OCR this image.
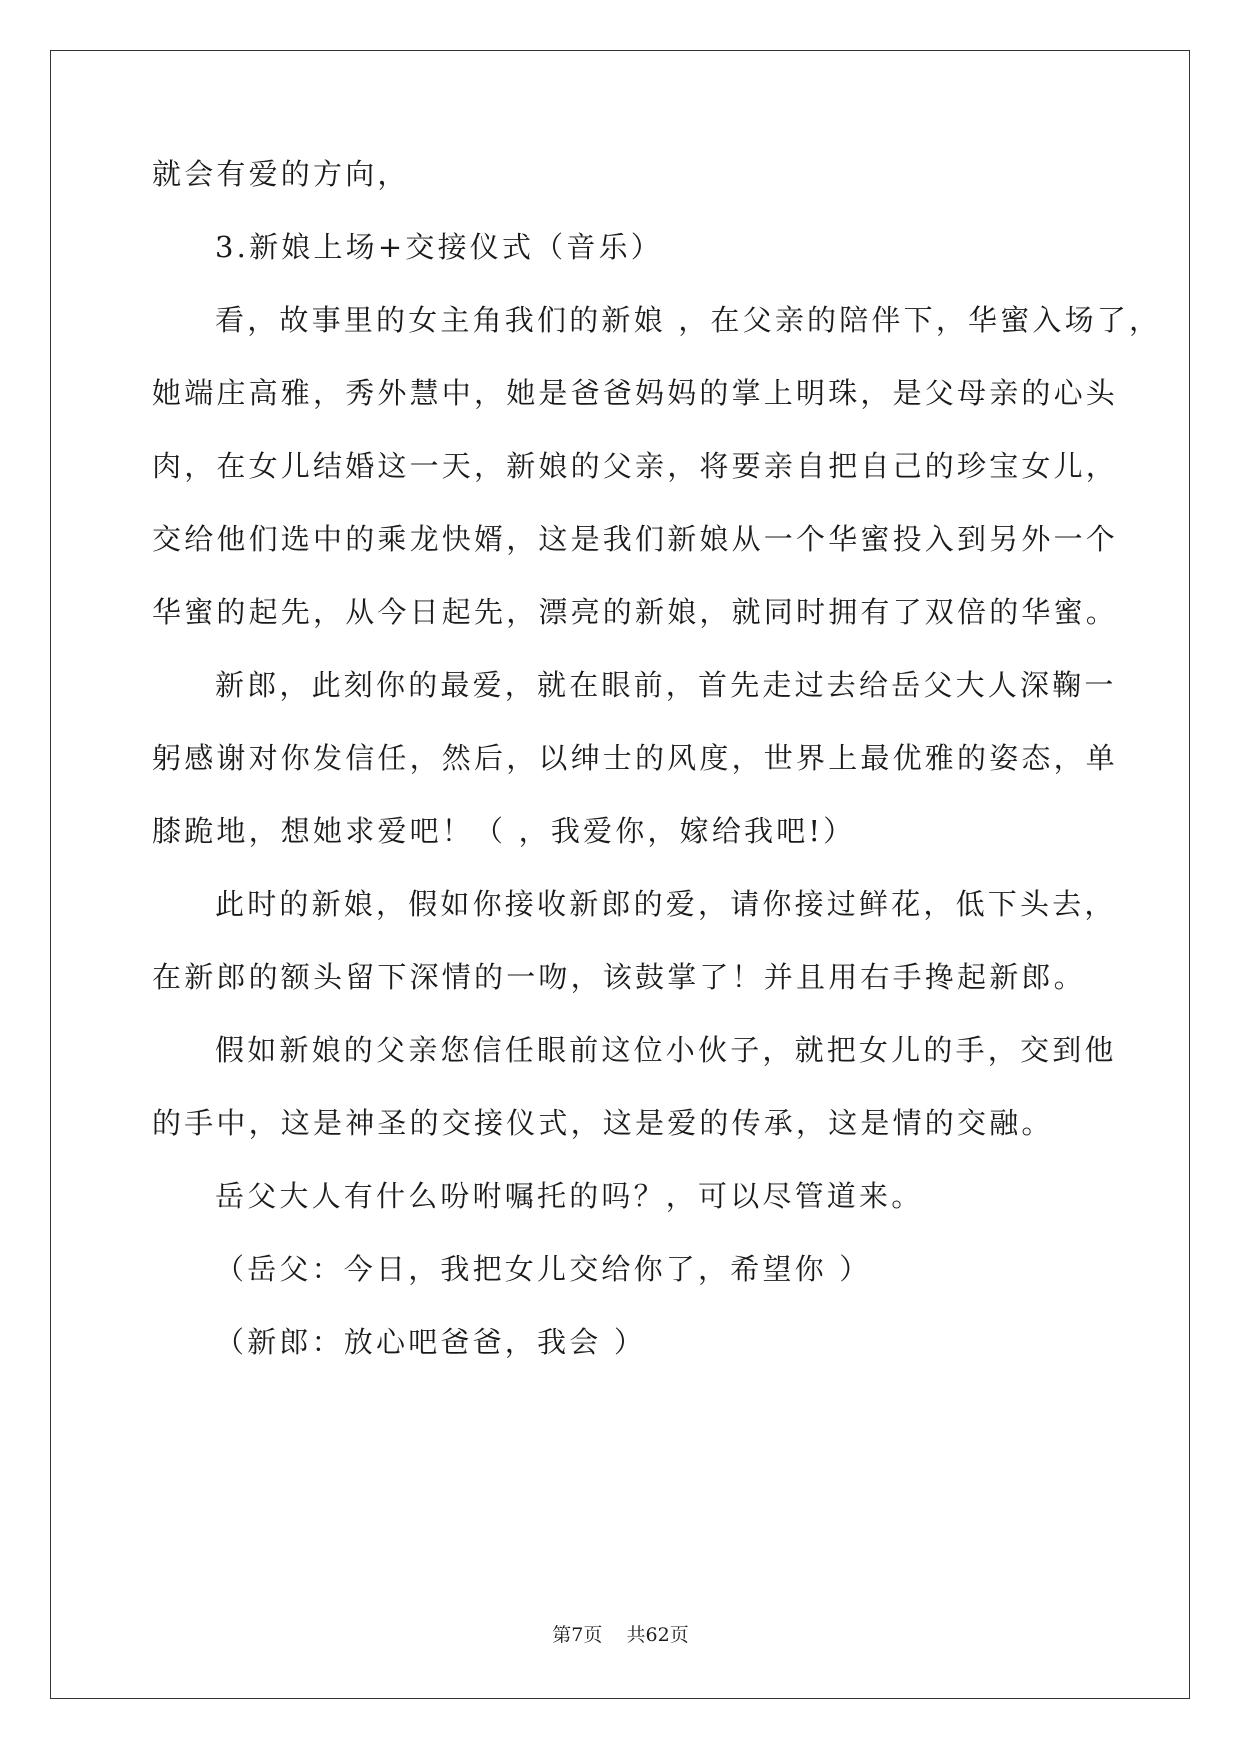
就会有爱的方向，
3.新娘上场+交接仪式（音乐）
看，故事里的女主角我们的新娘 ，在父亲的陪伴下，华蜜入场了，
她端庄高雅，秀外慧中，她是爸爸妈妈的掌上明珠，是父母亲的心头
肉，在女儿结婚这一天，新娘的父亲，将要亲自把自己的珍宝女儿，
交给他们选中的乘龙快婿，这是我们新娘从一个华蜜投入到另外一个
华蜜的起先，从今日起先，漂亮的新娘，就同时拥有了双倍的华蜜。
新郎，此刻你的最爱，就在眼前，首先走过去给岳父大人深鞠一
躬感谢对你发信任，然后，以绅士的风度，世界上最优雅的姿态，单
膝跪地，想她求爱吧！（ ，我爱你，嫁给我吧!）
此时的新娘，假如你接收新郎的爱，请你接过鲜花，低下头去，
在新郎的额头留下深情的一吻，该鼓掌了！并且用右手搀起新郎。
假如新娘的父亲您信任眼前这位小伙子，就把女儿的手，交到他
的手中，这是神圣的交接仪式，这是爱的传承，这是情的交融。
岳父大人有什么吩咐嘱托的吗？，可以尽管道来。
（岳父：今日，我把女儿交给你了，希望你 ）
（新郎：放心吧爸爸，我会 ）
第7页    共62页
